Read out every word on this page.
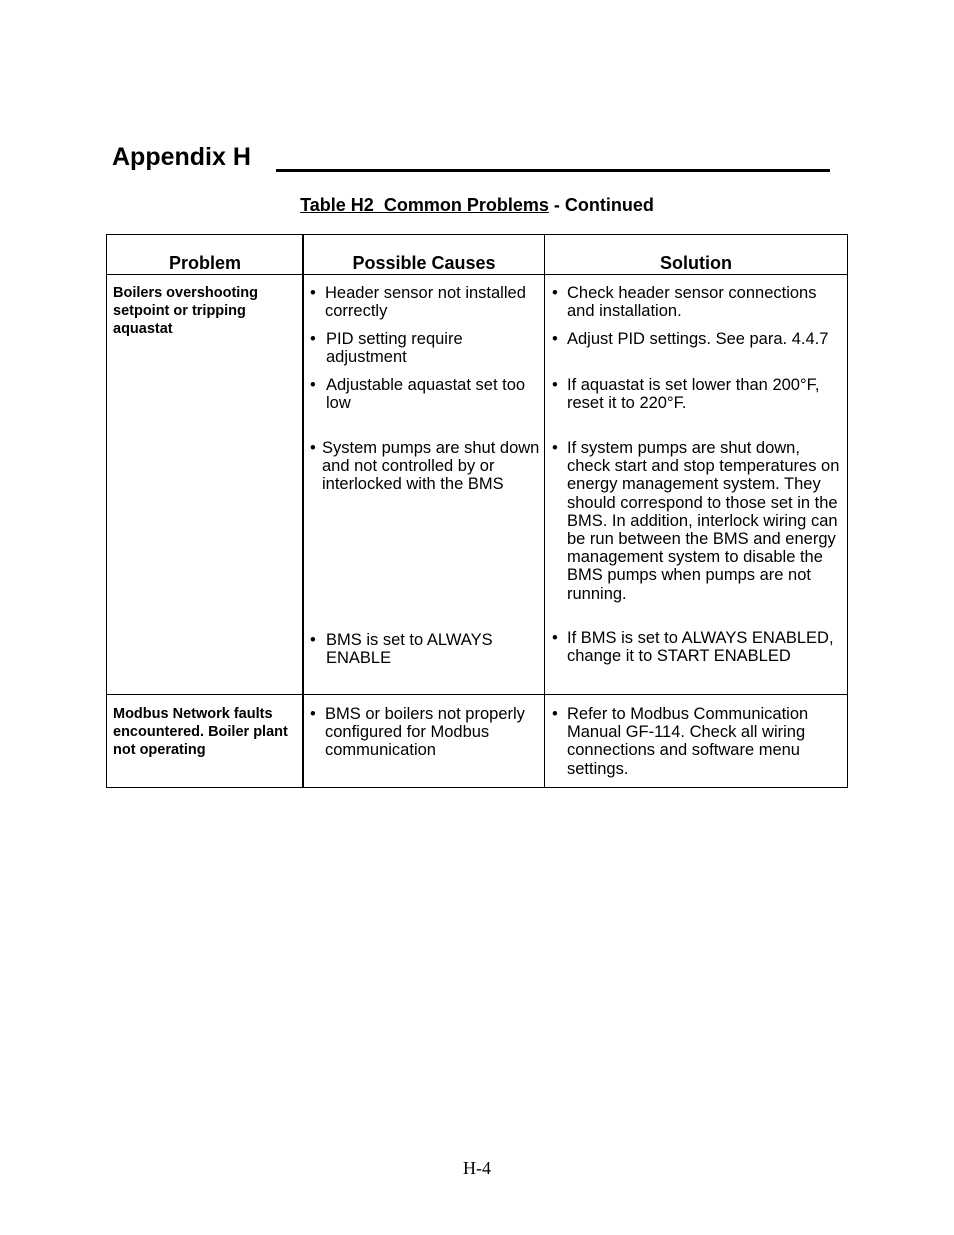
Appendix H
Table H2 Common Problems - Continued
Problem	Possible Causes	Solution
Boilers overshooting setpoint or tripping aquastat
• Header sensor not installed correctly
• PID setting require adjustment
• Adjustable aquastat set too low
• System pumps are shut down and not controlled by or interlocked with the BMS
• BMS is set to ALWAYS ENABLE
• Check header sensor connections and installation.
• Adjust PID settings. See para. 4.4.7
• If aquastat is set lower than 200°F, reset it to 220°F.
• If system pumps are shut down, check start and stop temperatures on energy management system. They should correspond to those set in the BMS. In addition, interlock wiring can be run between the BMS and energy management system to disable the BMS pumps when pumps are not running.
• If BMS is set to ALWAYS ENABLED, change it to START ENABLED
Modbus Network faults encountered. Boiler plant not operating
• BMS or boilers not properly configured for Modbus communication
• Refer to Modbus Communication Manual GF-114. Check all wiring connections and software menu settings.
H-4
